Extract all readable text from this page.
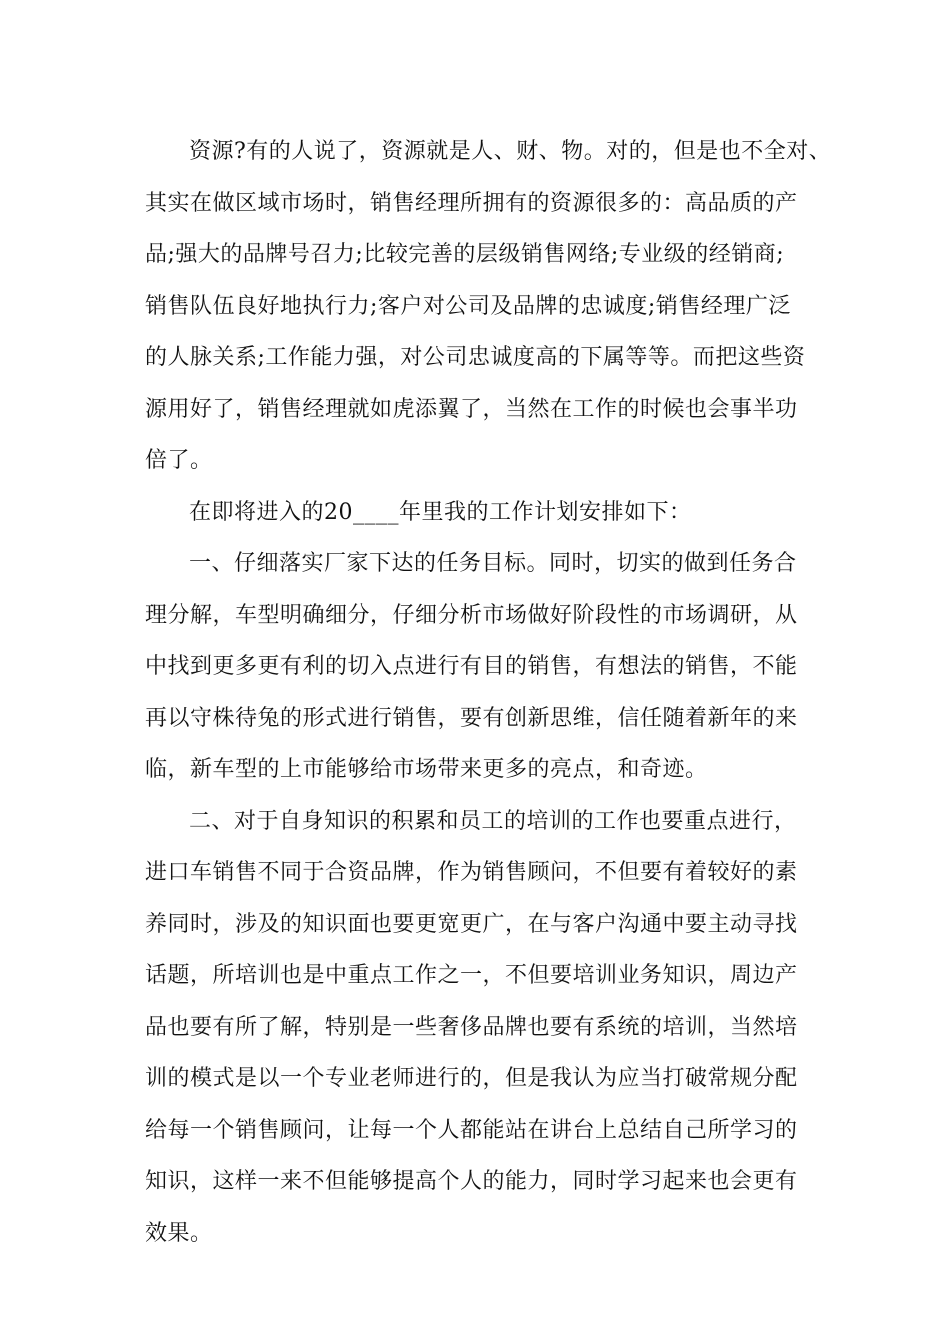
资源?有的人说了，资源就是人、财、物。对的，但是也不全对、
其实在做区域市场时，销售经理所拥有的资源很多的：高品质的产
品;强大的品牌号召力;比较完善的层级销售网络;专业级的经销商;
销售队伍良好地执行力;客户对公司及品牌的忠诚度;销售经理广泛
的人脉关系;工作能力强，对公司忠诚度高的下属等等。而把这些资
源用好了，销售经理就如虎添翼了，当然在工作的时候也会事半功
倍了。
在即将进入的20____年里我的工作计划安排如下：
一、仔细落实厂家下达的任务目标。同时，切实的做到任务合
理分解，车型明确细分，仔细分析市场做好阶段性的市场调研，从
中找到更多更有利的切入点进行有目的销售，有想法的销售，不能
再以守株待兔的形式进行销售，要有创新思维，信任随着新年的来
临，新车型的上市能够给市场带来更多的亮点，和奇迹。
二、对于自身知识的积累和员工的培训的工作也要重点进行，
进口车销售不同于合资品牌，作为销售顾问，不但要有着较好的素
养同时，涉及的知识面也要更宽更广，在与客户沟通中要主动寻找
话题，所培训也是中重点工作之一，不但要培训业务知识，周边产
品也要有所了解，特别是一些奢侈品牌也要有系统的培训，当然培
训的模式是以一个专业老师进行的，但是我认为应当打破常规分配
给每一个销售顾问，让每一个人都能站在讲台上总结自己所学习的
知识，这样一来不但能够提高个人的能力，同时学习起来也会更有
效果。
